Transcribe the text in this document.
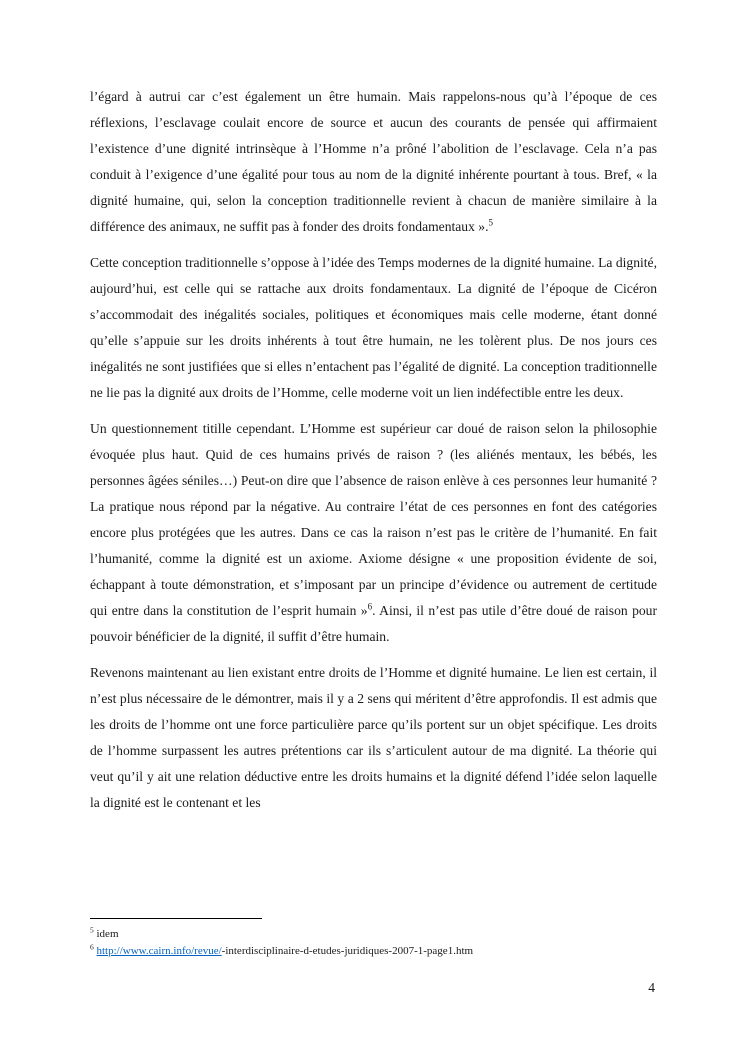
l’égard à autrui car c’est également un être humain. Mais rappelons-nous qu’à l’époque de ces réflexions, l’esclavage coulait encore de source et aucun des courants de pensée qui affirmaient l’existence d’une dignité intrinsèque à l’Homme n’a prôné l’abolition de l’esclavage. Cela n’a pas conduit à l’exigence d’une égalité pour tous au nom de la dignité inhérente pourtant à tous. Bref, « la dignité humaine, qui, selon la conception traditionnelle revient à chacun de manière similaire à la différence des animaux, ne suffit pas à fonder des droits fondamentaux ».$^5$

Cette conception traditionnelle s’oppose à l’idée des Temps modernes de la dignité humaine. La dignité, aujourd’hui, est celle qui se rattache aux droits fondamentaux. La dignité de l’époque de Cicéron s’accommodait des inégalités sociales, politiques et économiques mais celle moderne, étant donné qu’elle s’appuie sur les droits inhérents à tout être humain, ne les tolèrent plus. De nos jours ces inégalités ne sont justifiées que si elles n’entachent pas l’égalité de dignité. La conception traditionnelle ne lie pas la dignité aux droits de l’Homme, celle moderne voit un lien indéfectible entre les deux.

Un questionnement titille cependant. L’Homme est supérieur car doué de raison selon la philosophie évoquée plus haut. Quid de ces humains privés de raison ? (les aliénés mentaux, les bébés, les personnes âgées séniles…) Peut-on dire que l’absence de raison enlève à ces personnes leur humanité ? La pratique nous répond par la négative. Au contraire l’état de ces personnes en font des catégories encore plus protégées que les autres. Dans ce cas la raison n’est pas le critère de l’humanité. En fait l’humanité, comme la dignité est un axiome. Axiome désigne « une proposition évidente de soi, échappant à toute démonstration, et s’imposant par un principe d’évidence ou autrement de certitude qui entre dans la constitution de l’esprit humain »$^6$. Ainsi, il n’est pas utile d’être doué de raison pour pouvoir bénéficier de la dignité, il suffit d’être humain.

Revenons maintenant au lien existant entre droits de l’Homme et dignité humaine. Le lien est certain, il n’est plus nécessaire de le démontrer, mais il y a 2 sens qui méritent d’être approfondis. Il est admis que les droits de l’homme ont une force particulière parce qu’ils portent sur un objet spécifique. Les droits de l’homme surpassent les autres prétentions car ils s’articulent autour de ma dignité. La théorie qui veut qu’il y ait une relation déductive entre les droits humains et la dignité défend l’idée selon laquelle la dignité est le contenant et les

$^5$ idem
$^6$ http://www.cairn.info/revue/-interdisciplinaire-d-etudes-juridiques-2007-1-page1.htm
4
